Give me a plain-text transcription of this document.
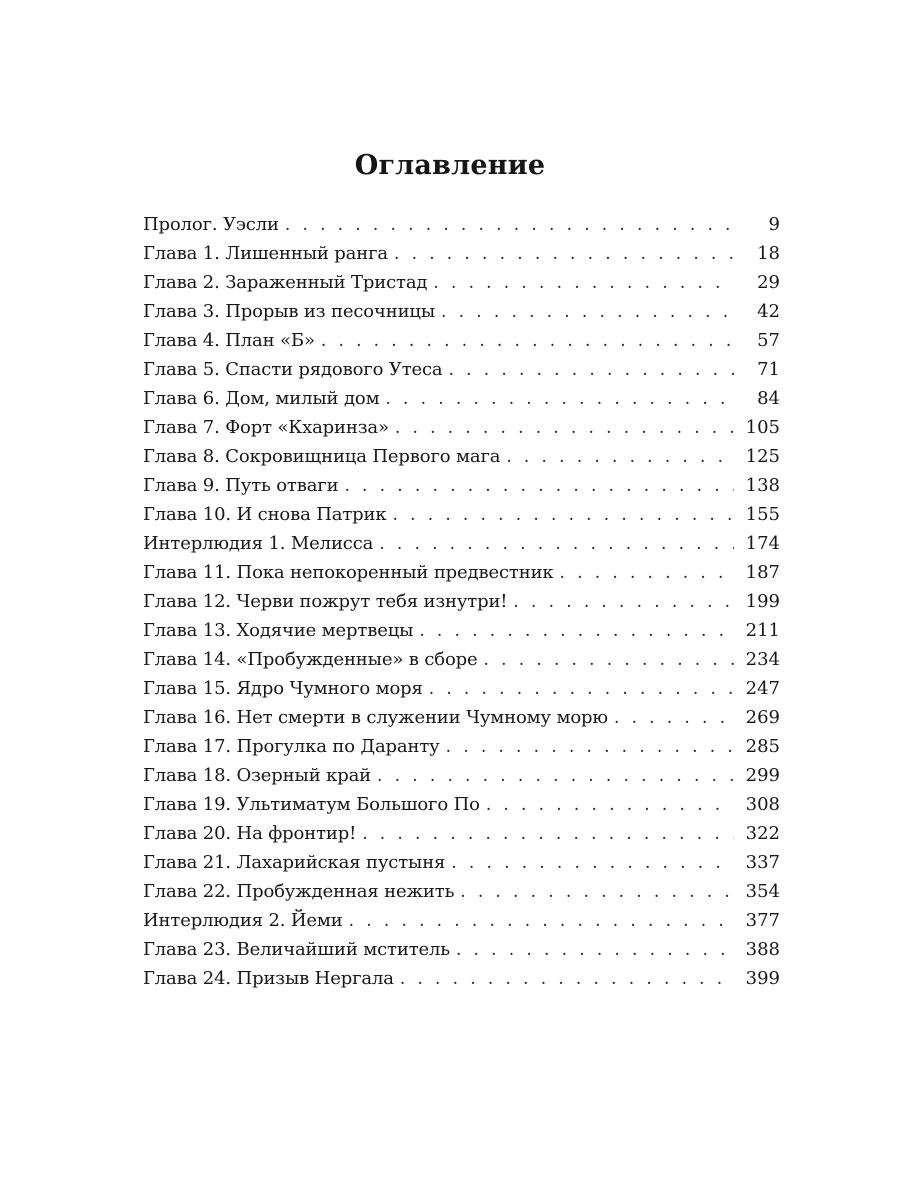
Оглавление
Пролог. Уэсли . . .	9
Глава 1. Лишенный ранга . . .	18
Глава 2. Зараженный Тристад . . .	29
Глава 3. Прорыв из песочницы . . .	42
Глава 4. План «Б» . . .	57
Глава 5. Спасти рядового Утеса . . .	71
Глава 6. Дом, милый дом . . .	84
Глава 7. Форт «Кхаринза» . . .	105
Глава 8. Сокровищница Первого мага . . .	125
Глава 9. Путь отваги . . .	138
Глава 10. И снова Патрик . . .	155
Интерлюдия 1. Мелисса . . .	174
Глава 11. Пока непокоренный предвестник . . .	187
Глава 12. Черви пожрут тебя изнутри! . . .	199
Глава 13. Ходячие мертвецы . . .	211
Глава 14. «Пробужденные» в сборе . . .	234
Глава 15. Ядро Чумного моря . . .	247
Глава 16. Нет смерти в служении Чумному морю . . .	269
Глава 17. Прогулка по Даранту . . .	285
Глава 18. Озерный край . . .	299
Глава 19. Ультиматум Большого По . . .	308
Глава 20. На фронтир! . . .	322
Глава 21. Лахарийская пустыня . . .	337
Глава 22. Пробужденная нежить . . .	354
Интерлюдия 2. Йеми . . .	377
Глава 23. Величайший мститель . . .	388
Глава 24. Призыв Нергала . . .	399
